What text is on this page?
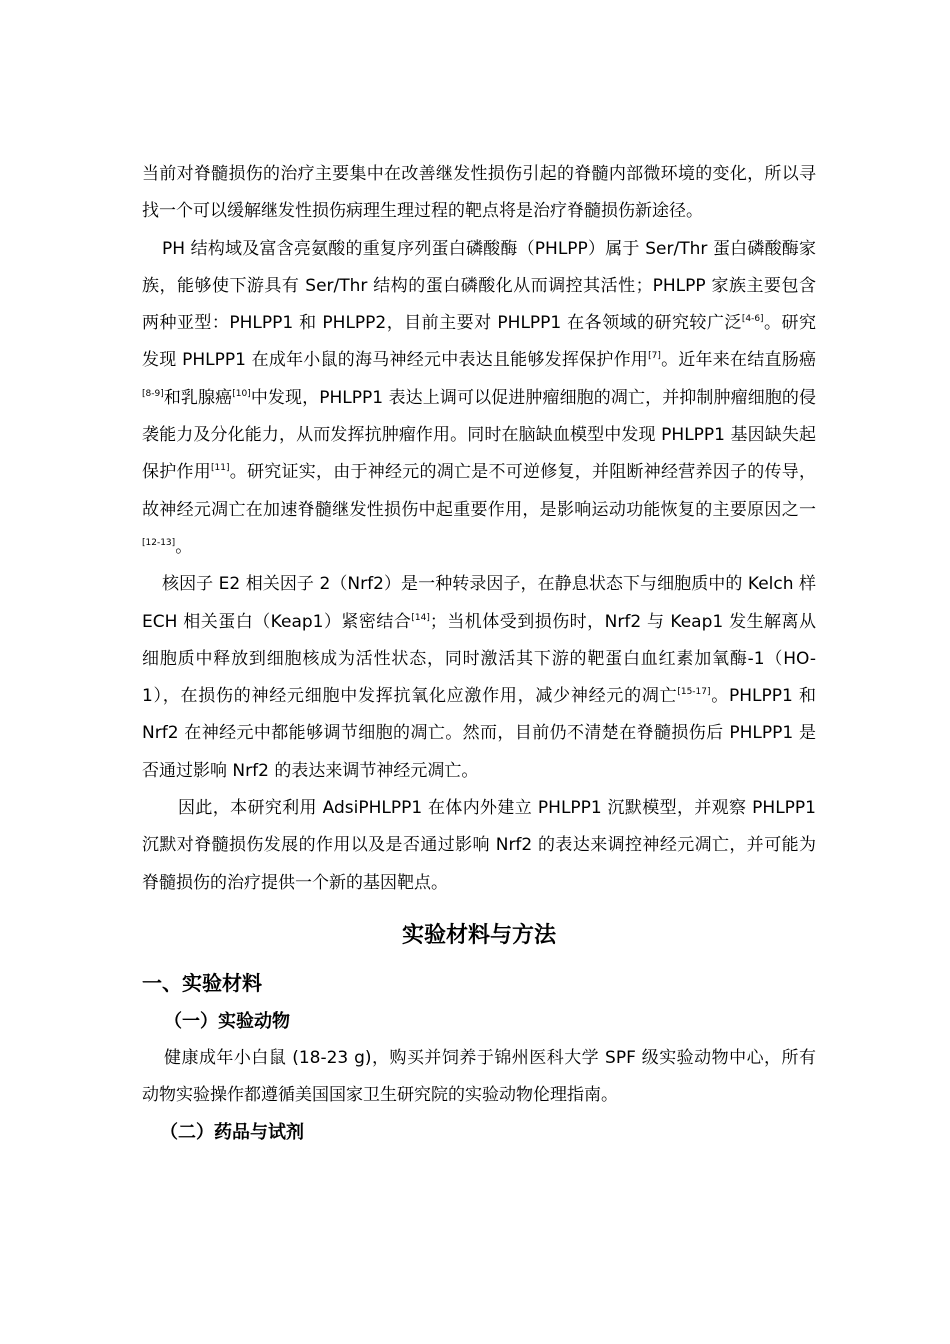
当前对脊髓损伤的治疗主要集中在改善继发性损伤引起的脊髓内部微环境的变化，所以寻找一个可以缓解继发性损伤病理生理过程的靶点将是治疗脊髓损伤新途径。

PH 结构域及富含亮氨酸的重复序列蛋白磷酸酶（PHLPP）属于 Ser/Thr 蛋白磷酸酶家族，能够使下游具有 Ser/Thr 结构的蛋白磷酸化从而调控其活性；PHLPP 家族主要包含两种亚型：PHLPP1 和 PHLPP2，目前主要对 PHLPP1 在各领域的研究较广泛[4-6]。研究发现 PHLPP1 在成年小鼠的海马神经元中表达且能够发挥保护作用[7]。近年来在结直肠癌[8-9]和乳腺癌[10]中发现，PHLPP1 表达上调可以促进肿瘤细胞的凋亡，并抑制肿瘤细胞的侵袭能力及分化能力，从而发挥抗肿瘤作用。同时在脑缺血模型中发现 PHLPP1 基因缺失起保护作用[11]。研究证实，由于神经元的凋亡是不可逆修复，并阻断神经营养因子的传导，故神经元凋亡在加速脊髓继发性损伤中起重要作用，是影响运动功能恢复的主要原因之一[12-13]。

核因子 E2 相关因子 2（Nrf2）是一种转录因子，在静息状态下与细胞质中的 Kelch 样 ECH 相关蛋白（Keap1）紧密结合[14]；当机体受到损伤时，Nrf2 与 Keap1 发生解离从细胞质中释放到细胞核成为活性状态，同时激活其下游的靶蛋白血红素加氧酶-1（HO-1），在损伤的神经元细胞中发挥抗氧化应激作用，减少神经元的凋亡[15-17]。PHLPP1 和 Nrf2 在神经元中都能够调节细胞的凋亡。然而，目前仍不清楚在脊髓损伤后 PHLPP1 是否通过影响 Nrf2 的表达来调节神经元凋亡。

因此，本研究利用 AdsiPHLPP1 在体内外建立 PHLPP1 沉默模型，并观察 PHLPP1 沉默对脊髓损伤发展的作用以及是否通过影响 Nrf2 的表达来调控神经元凋亡，并可能为脊髓损伤的治疗提供一个新的基因靶点。

实验材料与方法
一、实验材料
（一）实验动物

健康成年小白鼠 (18-23 g)，购买并饲养于锦州医科大学 SPF 级实验动物中心，所有动物实验操作都遵循美国国家卫生研究院的实验动物伦理指南。

（二）药品与试剂
